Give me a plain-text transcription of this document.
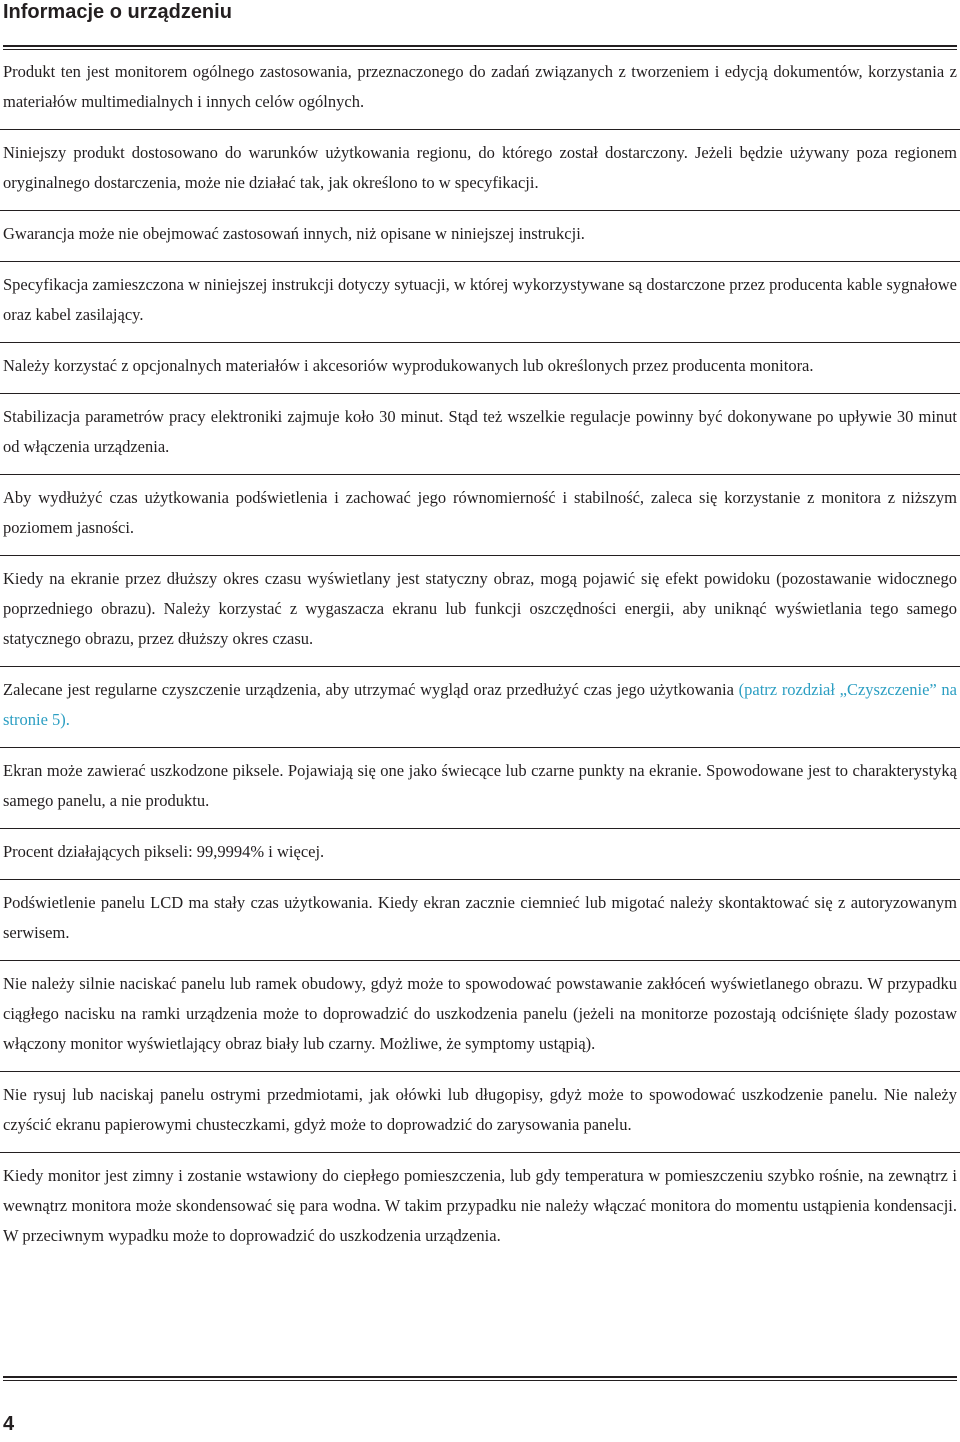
Informacje o urządzeniu

Produkt ten jest monitorem ogólnego zastosowania, przeznaczonego do zadań związanych z tworzeniem i edycją dokumentów, korzystania z materiałów multimedialnych i innych celów ogólnych.

Niniejszy produkt dostosowano do warunków użytkowania regionu, do którego został dostarczony. Jeżeli będzie używany poza regionem oryginalnego dostarczenia, może nie działać tak, jak określono to w specyfikacji.

Gwarancja może nie obejmować zastosowań innych, niż opisane w niniejszej instrukcji.

Specyfikacja zamieszczona w niniejszej instrukcji dotyczy sytuacji, w której wykorzystywane są dostarczone przez producenta kable sygnałowe oraz kabel zasilający.

Należy korzystać z opcjonalnych materiałów i akcesoriów wyprodukowanych lub określonych przez producenta monitora.

Stabilizacja parametrów pracy elektroniki zajmuje koło 30 minut. Stąd też wszelkie regulacje powinny być dokonywane po upływie 30 minut od włączenia urządzenia.

Aby wydłużyć czas użytkowania podświetlenia i zachować jego równomierność i stabilność, zaleca się korzystanie z monitora z niższym poziomem jasności.

Kiedy na ekranie przez dłuższy okres czasu wyświetlany jest statyczny obraz, mogą pojawić się efekt powidoku (pozostawanie widocznego poprzedniego obrazu). Należy korzystać z wygaszacza ekranu lub funkcji oszczędności energii, aby uniknąć wyświetlania tego samego statycznego obrazu, przez dłuższy okres czasu.

Zalecane jest regularne czyszczenie urządzenia, aby utrzymać wygląd oraz przedłużyć czas jego użytkowania (patrz rozdział „Czyszczenie” na stronie 5).

Ekran może zawierać uszkodzone piksele. Pojawiają się one jako świecące lub czarne punkty na ekranie. Spowodowane jest to charakterystyką samego panelu, a nie produktu.

Procent działających pikseli: 99,9994% i więcej.

Podświetlenie panelu LCD ma stały czas użytkowania. Kiedy ekran zacznie ciemnieć lub migotać należy skontaktować się z autoryzowanym serwisem.

Nie należy silnie naciskać panelu lub ramek obudowy, gdyż może to spowodować powstawanie zakłóceń wyświetlanego obrazu. W przypadku ciągłego nacisku na ramki urządzenia może to doprowadzić do uszkodzenia panelu (jeżeli na monitorze pozostają odciśnięte ślady pozostaw włączony monitor wyświetlający obraz biały lub czarny. Możliwe, że symptomy ustąpią).

Nie rysuj lub naciskaj panelu ostrymi przedmiotami, jak ołówki lub długopisy, gdyż może to spowodować uszkodzenie panelu. Nie należy czyścić ekranu papierowymi chusteczkami, gdyż może to doprowadzić do zarysowania panelu.

Kiedy monitor jest zimny i zostanie wstawiony do ciepłego pomieszczenia, lub gdy temperatura w pomieszczeniu szybko rośnie, na zewnątrz i wewnątrz monitora może skondensować się para wodna. W takim przypadku nie należy włączać monitora do momentu ustąpienia kondensacji. W przeciwnym wypadku może to doprowadzić do uszkodzenia urządzenia.

4
